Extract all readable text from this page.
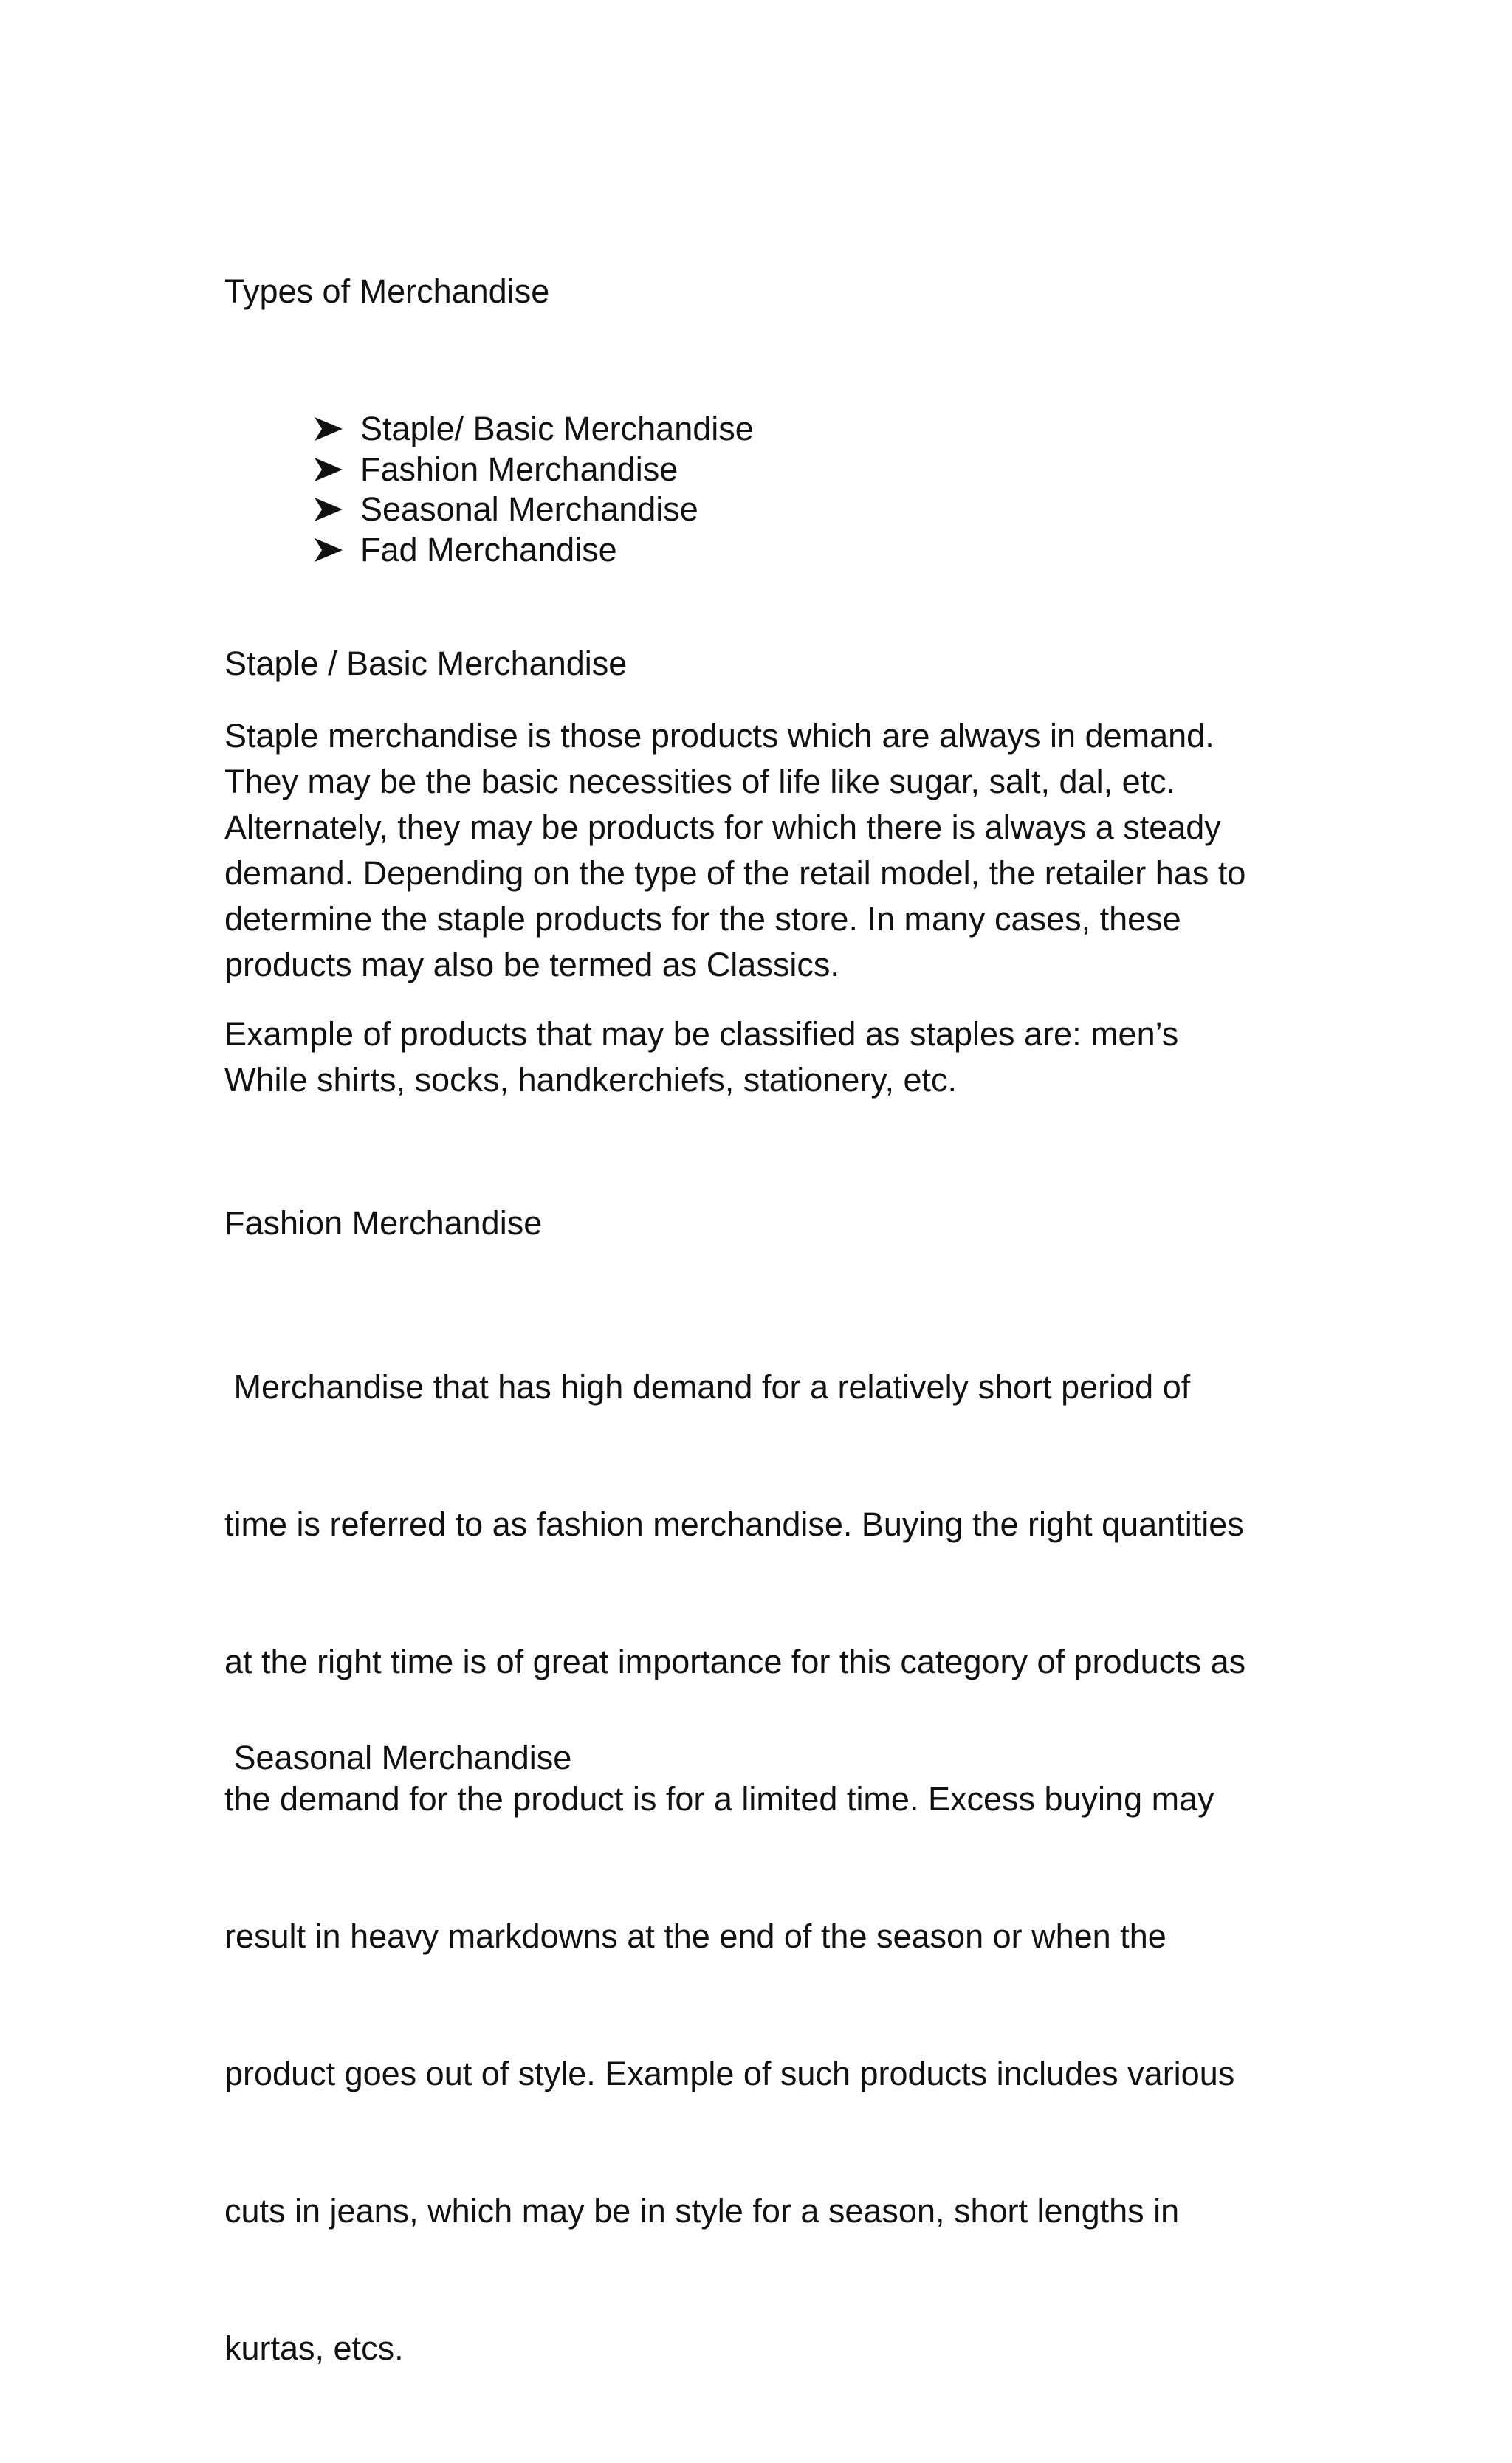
Types of Merchandise
Staple/ Basic Merchandise
Fashion Merchandise
Seasonal Merchandise
Fad Merchandise
Staple / Basic Merchandise

Staple merchandise is those products which are always in demand.
They may be the basic necessities of life like sugar, salt, dal, etc.
Alternately, they may be products for which there is always a steady
demand. Depending on the type of the retail model, the retailer has to
determine the staple products for the store. In many cases, these
products may also be termed as Classics.

Example of products that may be classified as staples are: men’s
While shirts, socks, handkerchiefs, stationery, etc.

Fashion Merchandise

Merchandise that has high demand for a relatively short period of

time is referred to as fashion merchandise. Buying the right quantities

at the right time is of great importance for this category of products as

the demand for the product is for a limited time. Excess buying may

result in heavy markdowns at the end of the season or when the

product goes out of style. Example of such products includes various

cuts in jeans, which may be in style for a season, short lengths in

kurtas, etcs.

Seasonal Merchandise
